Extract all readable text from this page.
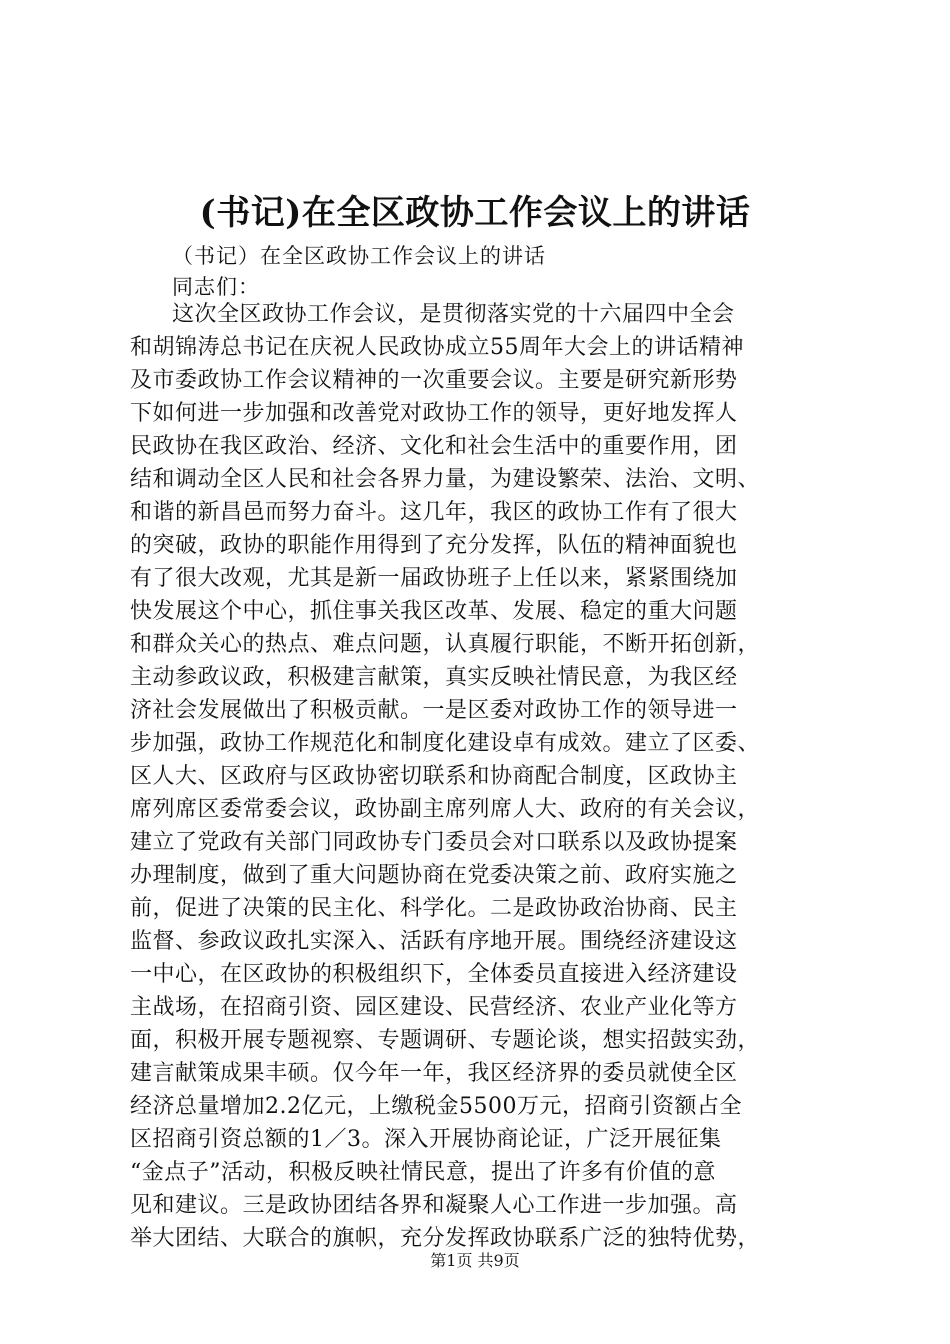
(书记)在全区政协工作会议上的讲话
（书记）在全区政协工作会议上的讲话
同志们：
这次全区政协工作会议，是贯彻落实党的十六届四中全会
和胡锦涛总书记在庆祝人民政协成立55周年大会上的讲话精神
及市委政协工作会议精神的一次重要会议。主要是研究新形势
下如何进一步加强和改善党对政协工作的领导，更好地发挥人
民政协在我区政治、经济、文化和社会生活中的重要作用，团
结和调动全区人民和社会各界力量，为建设繁荣、法治、文明、
和谐的新昌邑而努力奋斗。这几年，我区的政协工作有了很大
的突破，政协的职能作用得到了充分发挥，队伍的精神面貌也
有了很大改观，尤其是新一届政协班子上任以来，紧紧围绕加
快发展这个中心，抓住事关我区改革、发展、稳定的重大问题
和群众关心的热点、难点问题，认真履行职能，不断开拓创新，
主动参政议政，积极建言献策，真实反映社情民意，为我区经
济社会发展做出了积极贡献。一是区委对政协工作的领导进一
步加强，政协工作规范化和制度化建设卓有成效。建立了区委、
区人大、区政府与区政协密切联系和协商配合制度，区政协主
席列席区委常委会议，政协副主席列席人大、政府的有关会议，
建立了党政有关部门同政协专门委员会对口联系以及政协提案
办理制度，做到了重大问题协商在党委决策之前、政府实施之
前，促进了决策的民主化、科学化。二是政协政治协商、民主
监督、参政议政扎实深入、活跃有序地开展。围绕经济建设这
一中心，在区政协的积极组织下，全体委员直接进入经济建设
主战场，在招商引资、园区建设、民营经济、农业产业化等方
面，积极开展专题视察、专题调研、专题论谈，想实招鼓实劲，
建言献策成果丰硕。仅今年一年，我区经济界的委员就使全区
经济总量增加2.2亿元，上缴税金5500万元，招商引资额占全
区招商引资总额的1／3。深入开展协商论证，广泛开展征集
“金点子”活动，积极反映社情民意，提出了许多有价值的意
见和建议。三是政协团结各界和凝聚人心工作进一步加强。高
举大团结、大联合的旗帜，充分发挥政协联系广泛的独特优势，
第1页 共9页
